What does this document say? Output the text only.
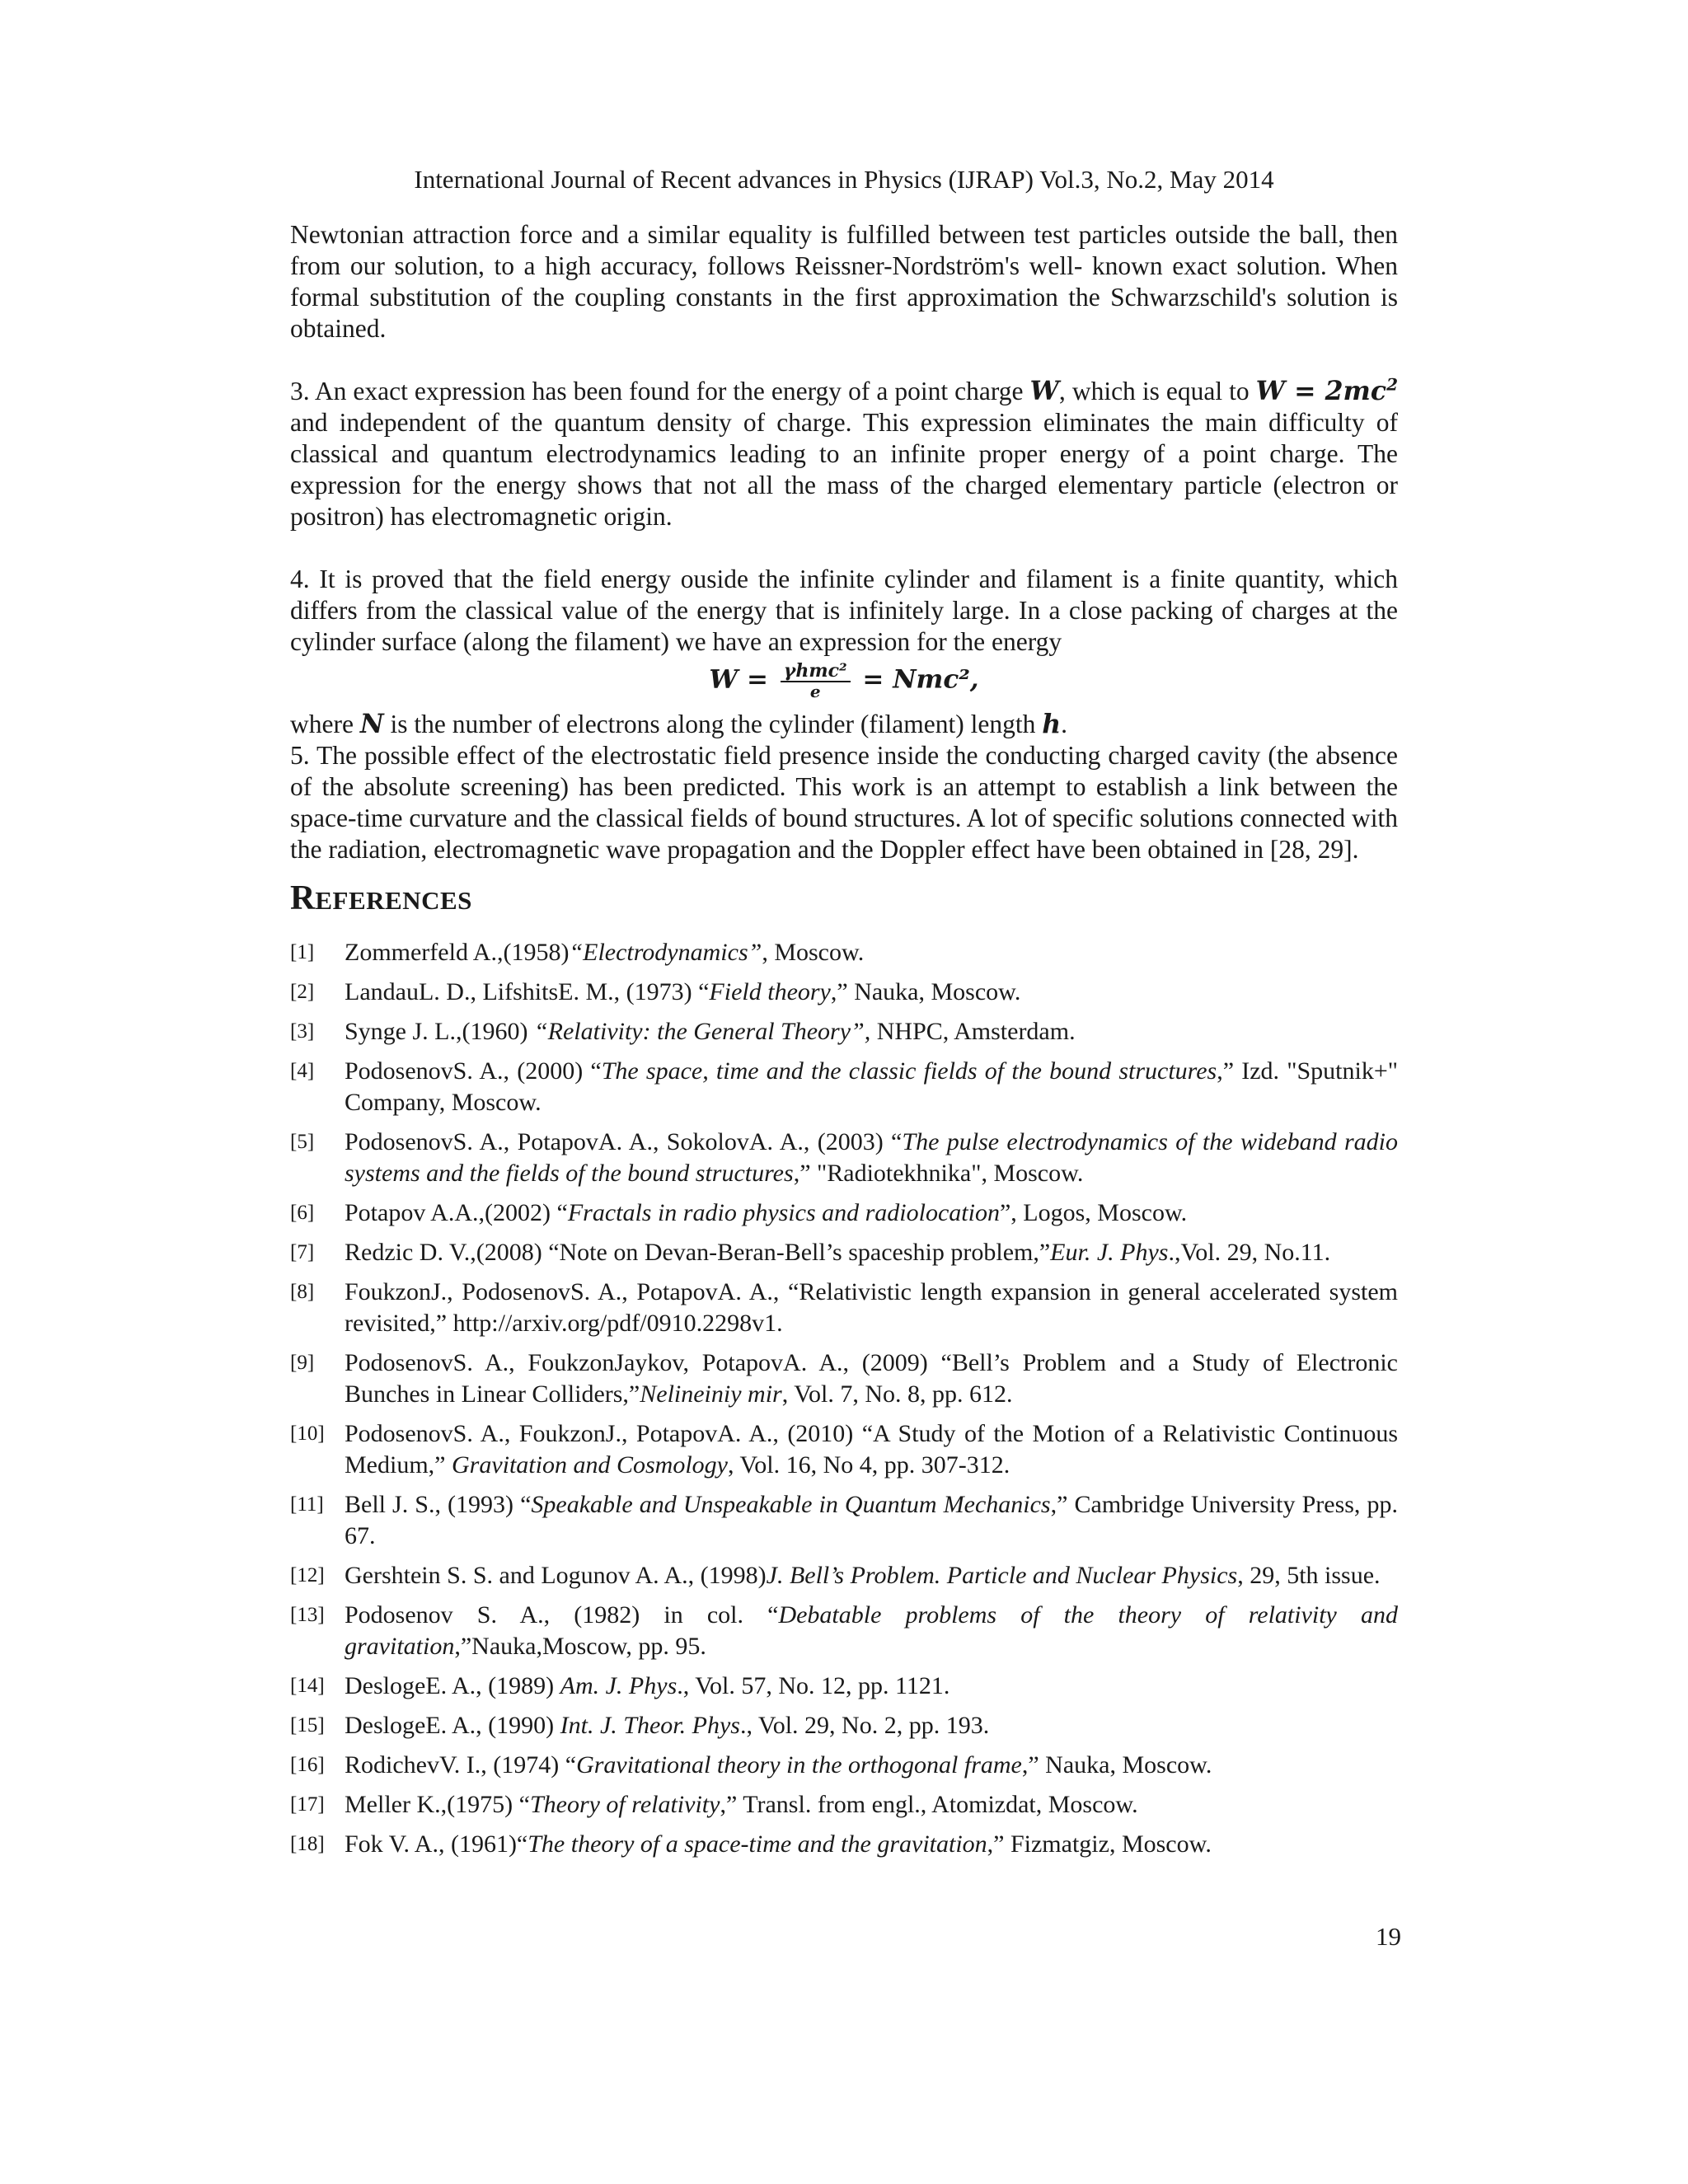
International Journal of Recent advances in Physics (IJRAP) Vol.3, No.2, May 2014

Newtonian attraction force and a similar equality is fulfilled between test particles outside the ball, then from our solution, to a high accuracy, follows Reissner-Nordström's well- known exact solution. When formal substitution of the coupling constants in the first approximation the Schwarzschild's solution is obtained.

3. An exact expression has been found for the energy of a point charge W, which is equal to $W = 2mc^2$ and independent of the quantum density of charge. This expression eliminates the main difficulty of classical and quantum electrodynamics leading to an infinite proper energy of a point charge. The expression for the energy shows that not all the mass of the charged elementary particle (electron or positron) has electromagnetic origin.

4. It is proved that the field energy ouside the infinite cylinder and filament is a finite quantity, which differs from the classical value of the energy that is infinitely large. In a close packing of charges at the cylinder surface (along the filament) we have an expression for the energy

$W = \frac{\text{γhmc²}}{e} = Nmc^2$,

where N is the number of electrons along the cylinder (filament) length h.

5. The possible effect of the electrostatic field presence inside the conducting charged cavity (the absence of the absolute screening) has been predicted. This work is an attempt to establish a link between the space-time curvature and the classical fields of bound structures. A lot of specific solutions connected with the radiation, electromagnetic wave propagation and the Doppler effect have been obtained in [28, 29].

REFERENCES
[1]	Zommerfeld A.,(1958)“Electrodynamics”, Moscow.
[2]	LandauL. D., LifshitsE. M., (1973) “Field theory,” Nauka, Moscow.
[3]	Synge J. L.,(1960) “Relativity: the General Theory”, NHPC, Amsterdam.
[4]	PodosenovS. A., (2000) “The space, time and the classic fields of the bound structures,” Izd. "Sputnik+" Company, Moscow.
[5]	PodosenovS. A., PotapovA. A., SokolovA. A., (2003) “The pulse electrodynamics of the wideband radio systems and the fields of the bound structures,” "Radiotekhnika", Moscow.
[6]	Potapov A.A.,(2002) “Fractals in radio physics and radiolocation”, Logos, Moscow.
[7]	Redzic D. V.,(2008) “Note on Devan-Beran-Bell’s spaceship problem,”Eur. J. Phys.,Vol. 29, No.11.
[8]	FoukzonJ., PodosenovS. A., PotapovA. A., “Relativistic length expansion in general accelerated system revisited,” http://arxiv.org/pdf/0910.2298v1.
[9]	PodosenovS. A., FoukzonJaykov, PotapovA. A., (2009) “Bell’s Problem and a Study of Electronic Bunches in Linear Colliders,”Nelineiniy mir, Vol. 7, No. 8, pp. 612.
[10] PodosenovS. A., FoukzonJ., PotapovA. A., (2010) “A Study of the Motion of a Relativistic Continuous Medium,” Gravitation and Cosmology, Vol. 16, No 4, pp. 307-312.
[11] Bell J. S., (1993) “Speakable and Unspeakable in Quantum Mechanics,” Cambridge University Press, pp. 67.
[12] Gershtein S. S. and Logunov A. A., (1998)J. Bell’s Problem. Particle and Nuclear Physics, 29, 5th issue.
[13] Podosenov S. A., (1982) in col. “Debatable problems of the theory of relativity and gravitation,”Nauka,Moscow, pp. 95.
[14] DeslogeE. A., (1989) Am. J. Phys., Vol. 57, No. 12, pp. 1121.
[15] DeslogeE. A., (1990) Int. J. Theor. Phys., Vol. 29, No. 2, pp. 193.
[16] RodichevV. I., (1974) “Gravitational theory in the orthogonal frame,” Nauka, Moscow.
[17] Meller K.,(1975) “Theory of relativity,” Transl. from engl., Atomizdat, Moscow.
[18] Fok V. A., (1961)“The theory of a space-time and the gravitation,” Fizmatgiz, Moscow.
19
